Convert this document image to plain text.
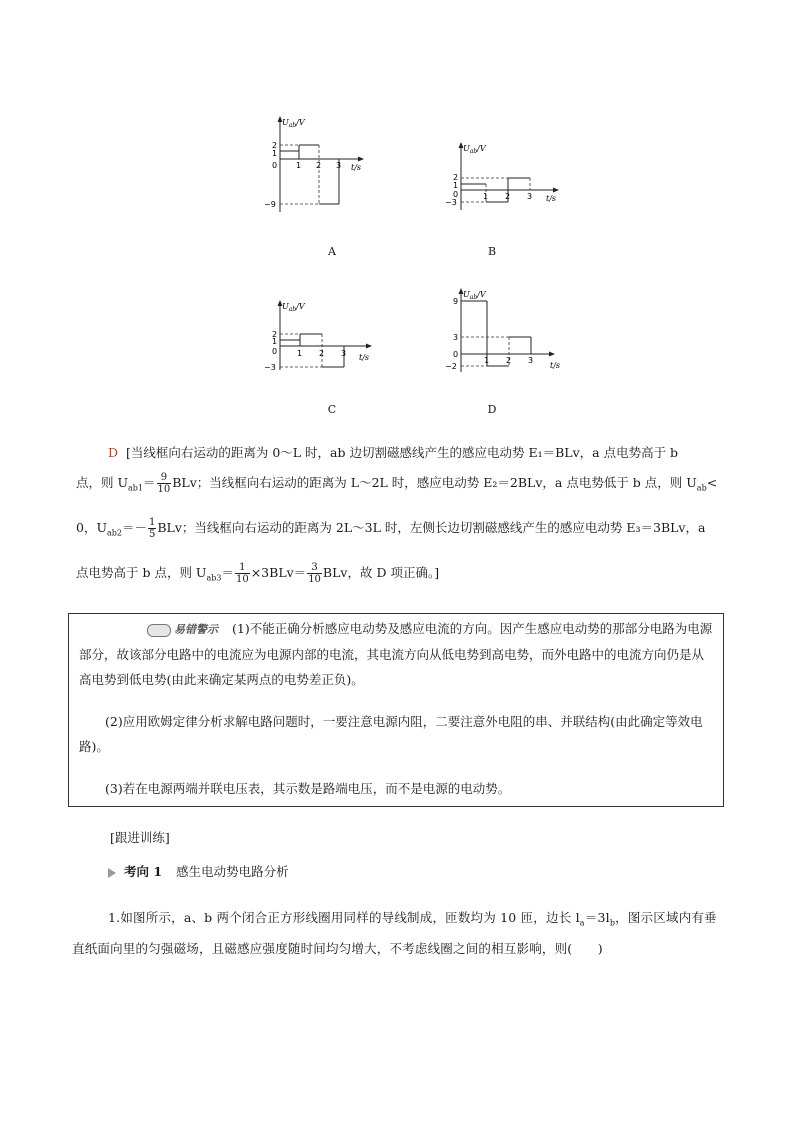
$U_{ab}/V$
t/s
2
1
0
−9
1 2 3
A
$U_{ab}/V$
t/s
2
1
0
−3
1 2 3
B
$U_{ab}/V$
t/s
2
1
0
−3
1 2 3
C
$U_{ab}/V$
t/s
9
3
0
−2
1 2 3
D
D [当线框向右运动的距离为 0～L 时，ab 边切割磁感线产生的感应电动势 E₁＝BLv，a 点电势高于 b
点，则 $U_{ab1}= \frac{9}{10}$ BLv；当线框向右运动的距离为 L～2L 时，感应电动势 E₂＝2BLv，a 点电势低于 b 点，则 $U_{ab}<$
0，$U_{ab2}=- \frac{1}{5}$ BLv；当线框向右运动的距离为 2L～3L 时，左侧长边切割磁感线产生的感应电动势 E₃＝3BLv，a
点电势高于 b 点，则 $U_{ab3}= \frac{1}{10} \times 3BLv= \frac{3}{10}$ BLv，故 D 项正确。]
易错警示 (1)不能正确分析感应电动势及感应电流的方向。因产生感应电动势的那部分电路为电源部分，故该部分电路中的电流应为电源内部的电流，其电流方向从低电势到高电势，而外电路中的电流方向仍是从高电势到低电势(由此来确定某两点的电势差正负)。
(2)应用欧姆定律分析求解电路问题时，一要注意电源内阻，二要注意外电阻的串、并联结构(由此确定等效电路)。
(3)若在电源两端并联电压表，其示数是路端电压，而不是电源的电动势。
[跟进训练]
考向 1 感生电动势电路分析
1.如图所示，a、b 两个闭合正方形线圈用同样的导线制成，匝数均为 10 匝，边长 $l_a=3l_b$，图示区域内有垂直纸面向里的匀强磁场，且磁感应强度随时间均匀增大，不考虑线圈之间的相互影响，则(　　)
